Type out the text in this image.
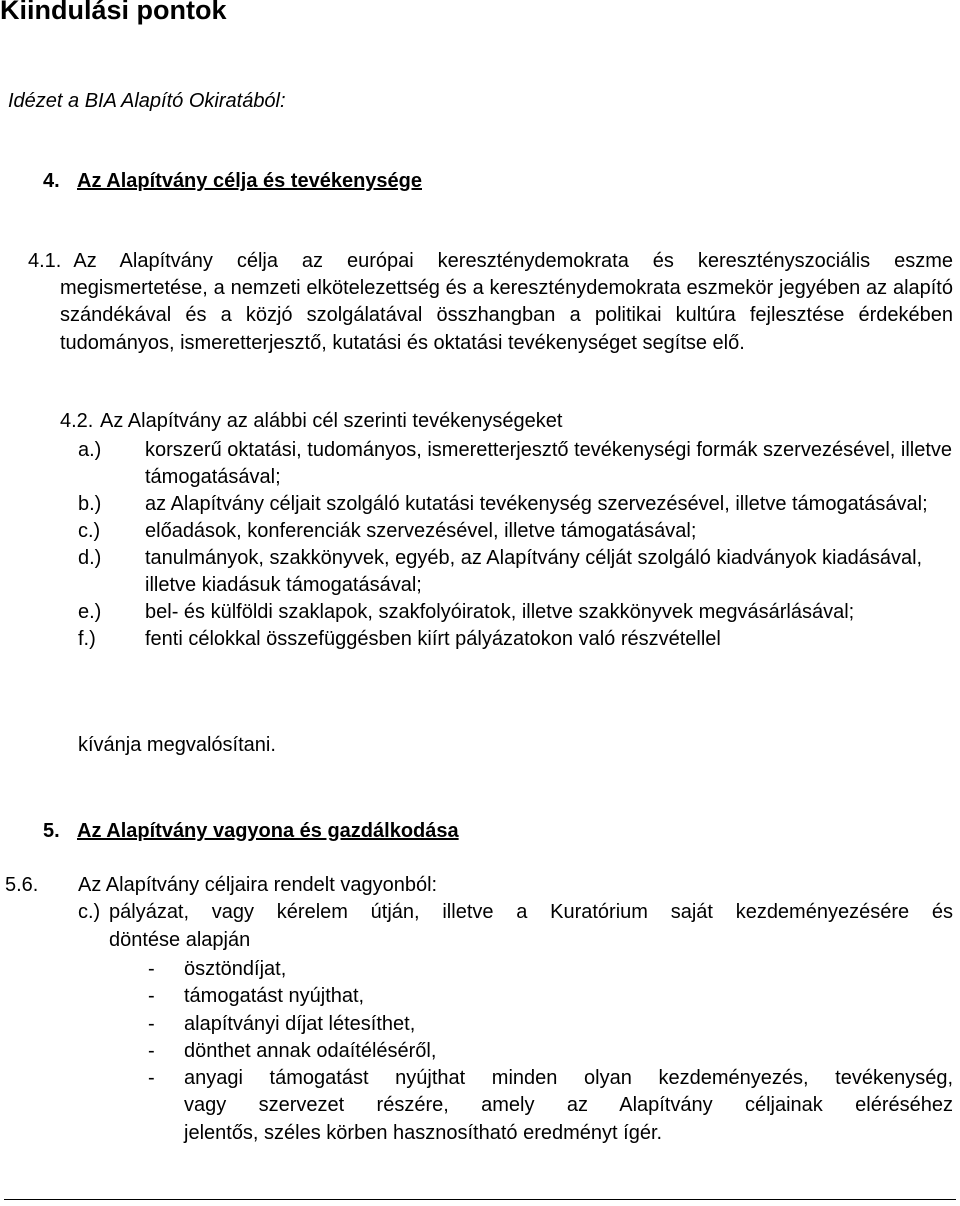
Kiindulási pontok
Idézet a BIA Alapító Okiratából:
4. Az Alapítvány célja és tevékenysége
4.1. Az Alapítvány célja az európai kereszténydemokrata és keresztényszociális eszme megismertetése, a nemzeti elkötelezettség és a kereszténydemokrata eszmekör jegyében az alapító szándékával és a közjó szolgálatával összhangban a politikai kultúra fejlesztése érdekében tudományos, ismeretterjesztő, kutatási és oktatási tevékenységet segítse elő.
4.2. Az Alapítvány az alábbi cél szerinti tevékenységeket
a.)	korszerű oktatási, tudományos, ismeretterjesztő tevékenységi formák szervezésével, illetve támogatásával;
b.)	az Alapítvány céljait szolgáló kutatási tevékenység szervezésével, illetve támogatásával;
c.)	előadások, konferenciák szervezésével, illetve támogatásával;
d.)	tanulmányok, szakkönyvek, egyéb, az Alapítvány célját szolgáló kiadványok kiadásával, illetve kiadásuk támogatásával;
e.)	bel- és külföldi szaklapok, szakfolyóiratok, illetve szakkönyvek megvásárlásával;
f.)	fenti célokkal összefüggésben kiírt pályázatokon való részvétellel
kívánja megvalósítani.
5. Az Alapítvány vagyona és gazdálkodása
5.6. Az Alapítvány céljaira rendelt vagyonból:
c.) pályázat, vagy kérelem útján, illetve a Kuratórium saját kezdeményezésére és
döntése alapján
-	ösztöndíjat,
-	támogatást nyújthat,
-	alapítványi díjat létesíthet,
-	dönthet annak odaítéléséről,
-	anyagi támogatást nyújthat minden olyan kezdeményezés, tevékenység,
vagy szervezet részére, amely az Alapítvány céljainak eléréséhez
jelentős, széles körben hasznosítható eredményt ígér.
